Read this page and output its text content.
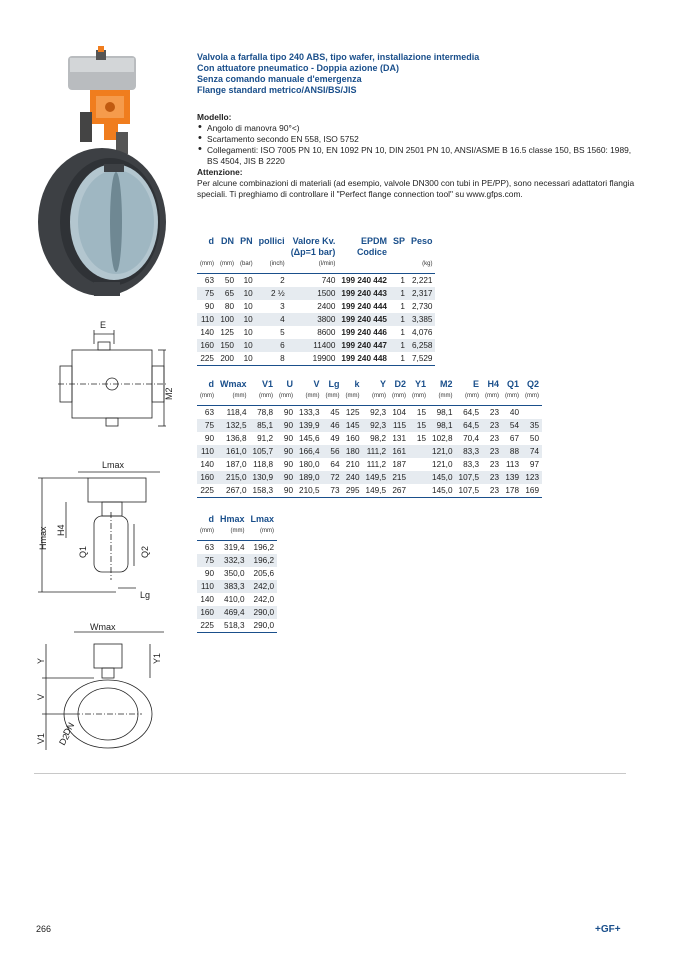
E
M2
Lmax
Hmax H4
Q1	Q2
Lg
Wmax
Y	Y1
V
V1
DN
D2
Valvola a farfalla tipo 240 ABS, tipo wafer, installazione intermedia
Con attuatore pneumatico - Doppia azione (DA)
Senza comando manuale d'emergenza
Flange standard metrico/ANSI/BS/JIS
Modello:
• Angolo di manovra 90°<)
• Scartamento secondo EN 558, ISO 5752
• Collegamenti: ISO 7005 PN 10, EN 1092 PN 10, DIN 2501 PN 10, ANSI/ASME B 16.5 classe 150, BS 1560: 1989, BS 4504, JIS B 2220
Attenzione:
Per alcune combinazioni di materiali (ad esempio, valvole DN300 con tubi in PE/PP), sono necessari adattatori flangia speciali. Ti preghiamo di controllare il "Perfect flange connection tool" su www.gfps.com.
d	DN	PN	pollici	Valore Kv.	EPDM	SP	Peso
				(Δp=1 bar)	Codice		
(mm)	(mm)	(bar)	(inch)	(l/min)			(kg)
63	50	10	2	740	199 240 442	1	2,221
75	65	10	2 ½	1500	199 240 443	1	2,317
90	80	10	3	2400	199 240 444	1	2,730
110	100	10	4	3800	199 240 445	1	3,385
140	125	10	5	8600	199 240 446	1	4,076
160	150	10	6	11400	199 240 447	1	6,258
225	200	10	8	19900	199 240 448	1	7,529
d	Wmax	V1	U	V	Lg	k	Y	D2	Y1	M2	E	H4	Q1	Q2
(mm)	(mm)	(mm)	(mm)	(mm)	(mm)	(mm)	(mm)	(mm)	(mm)	(mm)	(mm)	(mm)	(mm)	(mm)
63	118,4	78,8	90	133,3	45	125	92,3	104	15	98,1	64,5	23	40	
75	132,5	85,1	90	139,9	46	145	92,3	115	15	98,1	64,5	23	54	35
90	136,8	91,2	90	145,6	49	160	98,2	131	15	102,8	70,4	23	67	50
110	161,0	105,7	90	166,4	56	180	111,2	161		121,0	83,3	23	88	74
140	187,0	118,8	90	180,0	64	210	111,2	187		121,0	83,3	23	113	97
160	215,0	130,9	90	189,0	72	240	149,5	215		145,0	107,5	23	139	123
225	267,0	158,3	90	210,5	73	295	149,5	267		145,0	107,5	23	178	169
d	Hmax	Lmax
(mm)	(mm)	(mm)
63	319,4	196,2
75	332,3	196,2
90	350,0	205,6
110	383,3	242,0
140	410,0	242,0
160	469,4	290,0
225	518,3	290,0
266	+GF+
